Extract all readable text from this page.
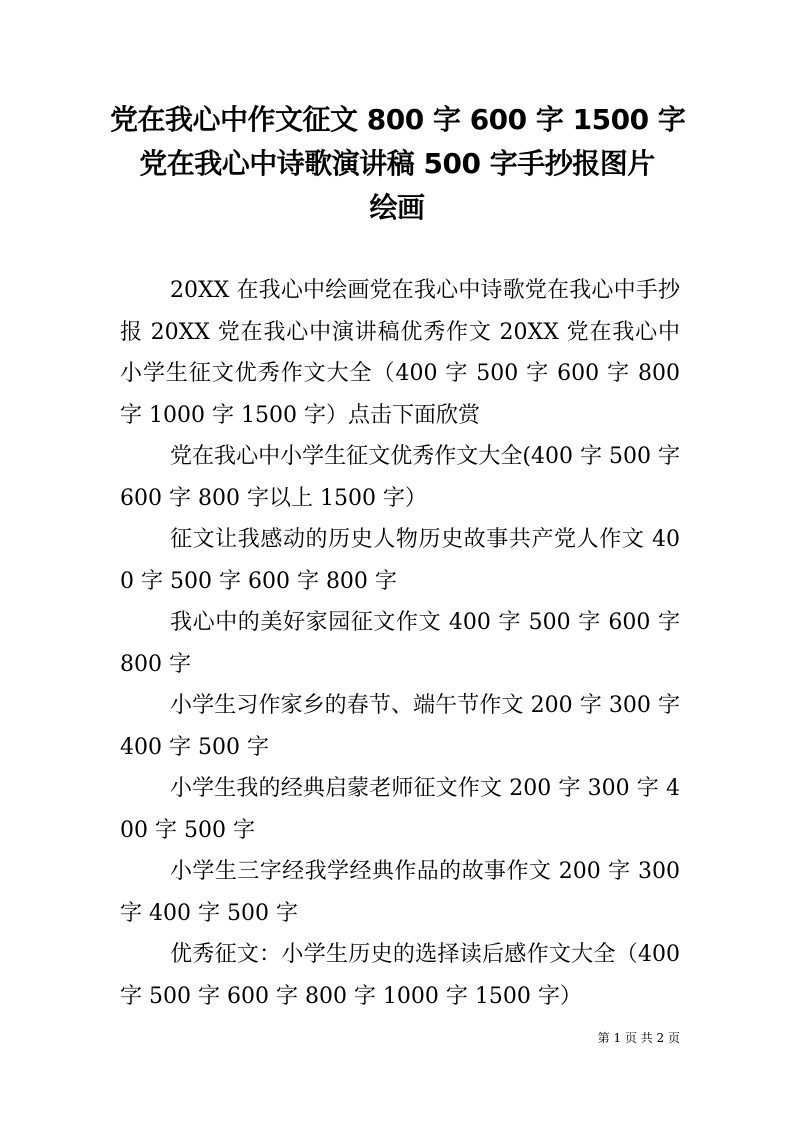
党在我心中作文征文 800 字 600 字 1500 字
党在我心中诗歌演讲稿 500 字手抄报图片
绘画

20XX 在我心中绘画党在我心中诗歌党在我心中手抄报 20XX 党在我心中演讲稿优秀作文 20XX 党在我心中小学生征文优秀作文大全（400 字 500 字 600 字 800 字 1000 字 1500 字）点击下面欣赏

党在我心中小学生征文优秀作文大全(400 字 500 字 600 字 800 字以上 1500 字）

征文让我感动的历史人物历史故事共产党人作文 400 字 500 字 600 字 800 字

我心中的美好家园征文作文 400 字 500 字 600 字 800 字

小学生习作家乡的春节、端午节作文 200 字 300 字 400 字 500 字

小学生我的经典启蒙老师征文作文 200 字 300 字 400 字 500 字

小学生三字经我学经典作品的故事作文 200 字 300 字 400 字 500 字

优秀征文：小学生历史的选择读后感作文大全（400 字 500 字 600 字 800 字 1000 字 1500 字）

第 1 页 共 2 页
